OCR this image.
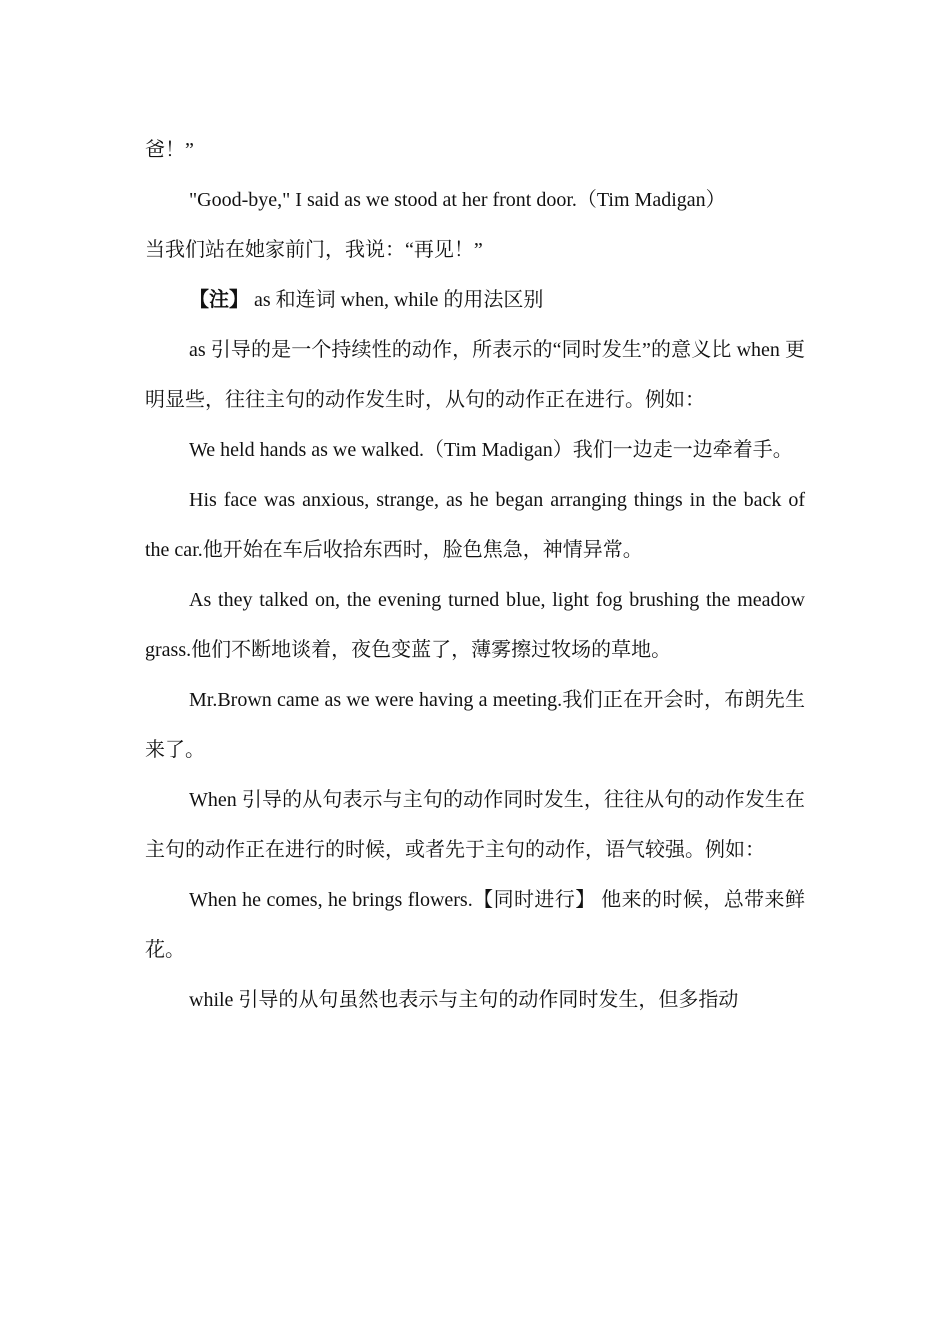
爸！”

"Good-bye," I said as we stood at her front door.（Tim Madigan）

当我们站在她家前门，我说：“再见！”

【注】 as 和连词 when, while 的用法区别

as 引导的是一个持续性的动作，所表示的“同时发生”的意义比 when 更明显些，往往主句的动作发生时，从句的动作正在进行。例如：

We held hands as we walked.（Tim Madigan）我们一边走一边牵着手。

His face was anxious, strange, as he began arranging things in the back of the car.他开始在车后收拾东西时，脸色焦急，神情异常。

As they talked on, the evening turned blue, light fog brushing the meadow grass.他们不断地谈着，夜色变蓝了，薄雾擦过牧场的草地。

Mr.Brown came as we were having a meeting.我们正在开会时，布朗先生来了。

When 引导的从句表示与主句的动作同时发生，往往从句的动作发生在主句的动作正在进行的时候，或者先于主句的动作，语气较强。例如：

When he comes, he brings flowers.【同时进行】 他来的时候，总带来鲜花。

while 引导的从句虽然也表示与主句的动作同时发生，但多指动
